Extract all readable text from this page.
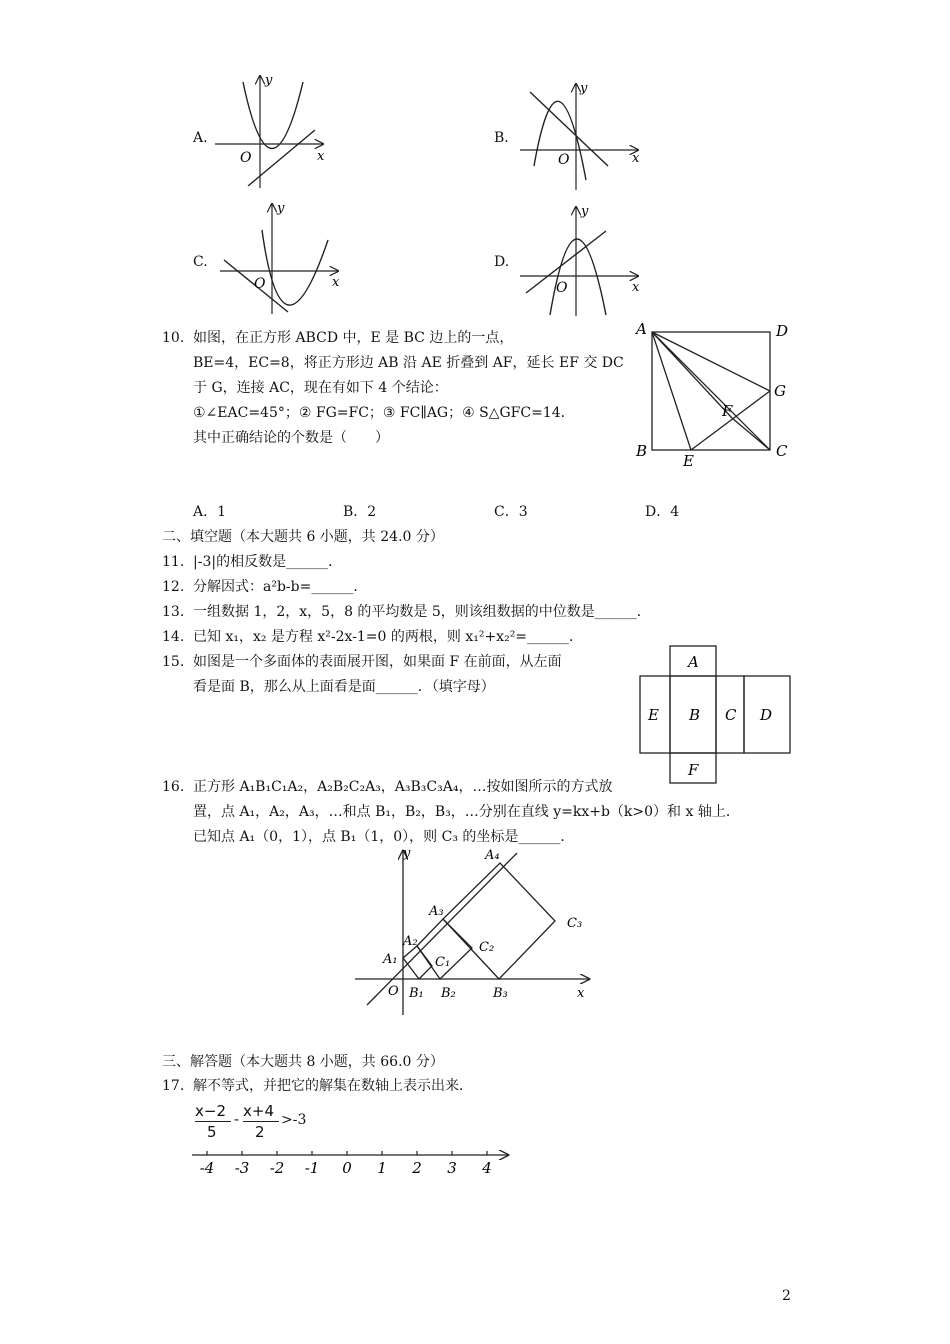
A.
O	x
y
B.
O	x
y
C.
O	x
y
D.
O	x
y
10. 如图，在正方形 ABCD 中，E 是 BC 边上的一点，
BE=4，EC=8，将正方形边 AB 沿 AE 折叠到 AF，延长 EF 交 DC
于 G，连接 AC，现在有如下 4 个结论：
①∠EAC=45°；② FG=FC；③ FC∥AG；④ S△GFC=14．
其中正确结论的个数是（　　）
A	D
B	C
E
F
G
A．1	B．2	C．3	D．4
二、填空题（本大题共 6 小题，共 24.0 分）
11. |-3|的相反数是______．
12. 分解因式：a²b-b=______．
13. 一组数据 1，2，x，5，8 的平均数是 5，则该组数据的中位数是______．
14. 已知 x₁，x₂ 是方程 x²-2x-1=0 的两根，则 x₁²+x₂²=______．
15. 如图是一个多面体的表面展开图，如果面 F 在前面，从左面
看是面 B，那么从上面看是面______．（填字母）
A
E B C D
F
16. 正方形 A₁B₁C₁A₂，A₂B₂C₂A₃，A₃B₃C₃A₄，…按如图所示的方式放
置，点 A₁，A₂，A₃，…和点 B₁，B₂，B₃，…分别在直线 y=kx+b（k>0）和 x 轴上．
已知点 A₁（0，1），点 B₁（1，0），则 C₃ 的坐标是______．
y
x
O
A₁
A₂
A₃
A₄
B₁ B₂	B₃
C₁
C₂
C₃
三、解答题（本大题共 8 小题，共 66.0 分）
17. 解不等式，并把它的解集在数轴上表示出来．
x−2
5
- x+4
2
>-3
-4 -3 -2 -1 0 1 2 3 4
2
